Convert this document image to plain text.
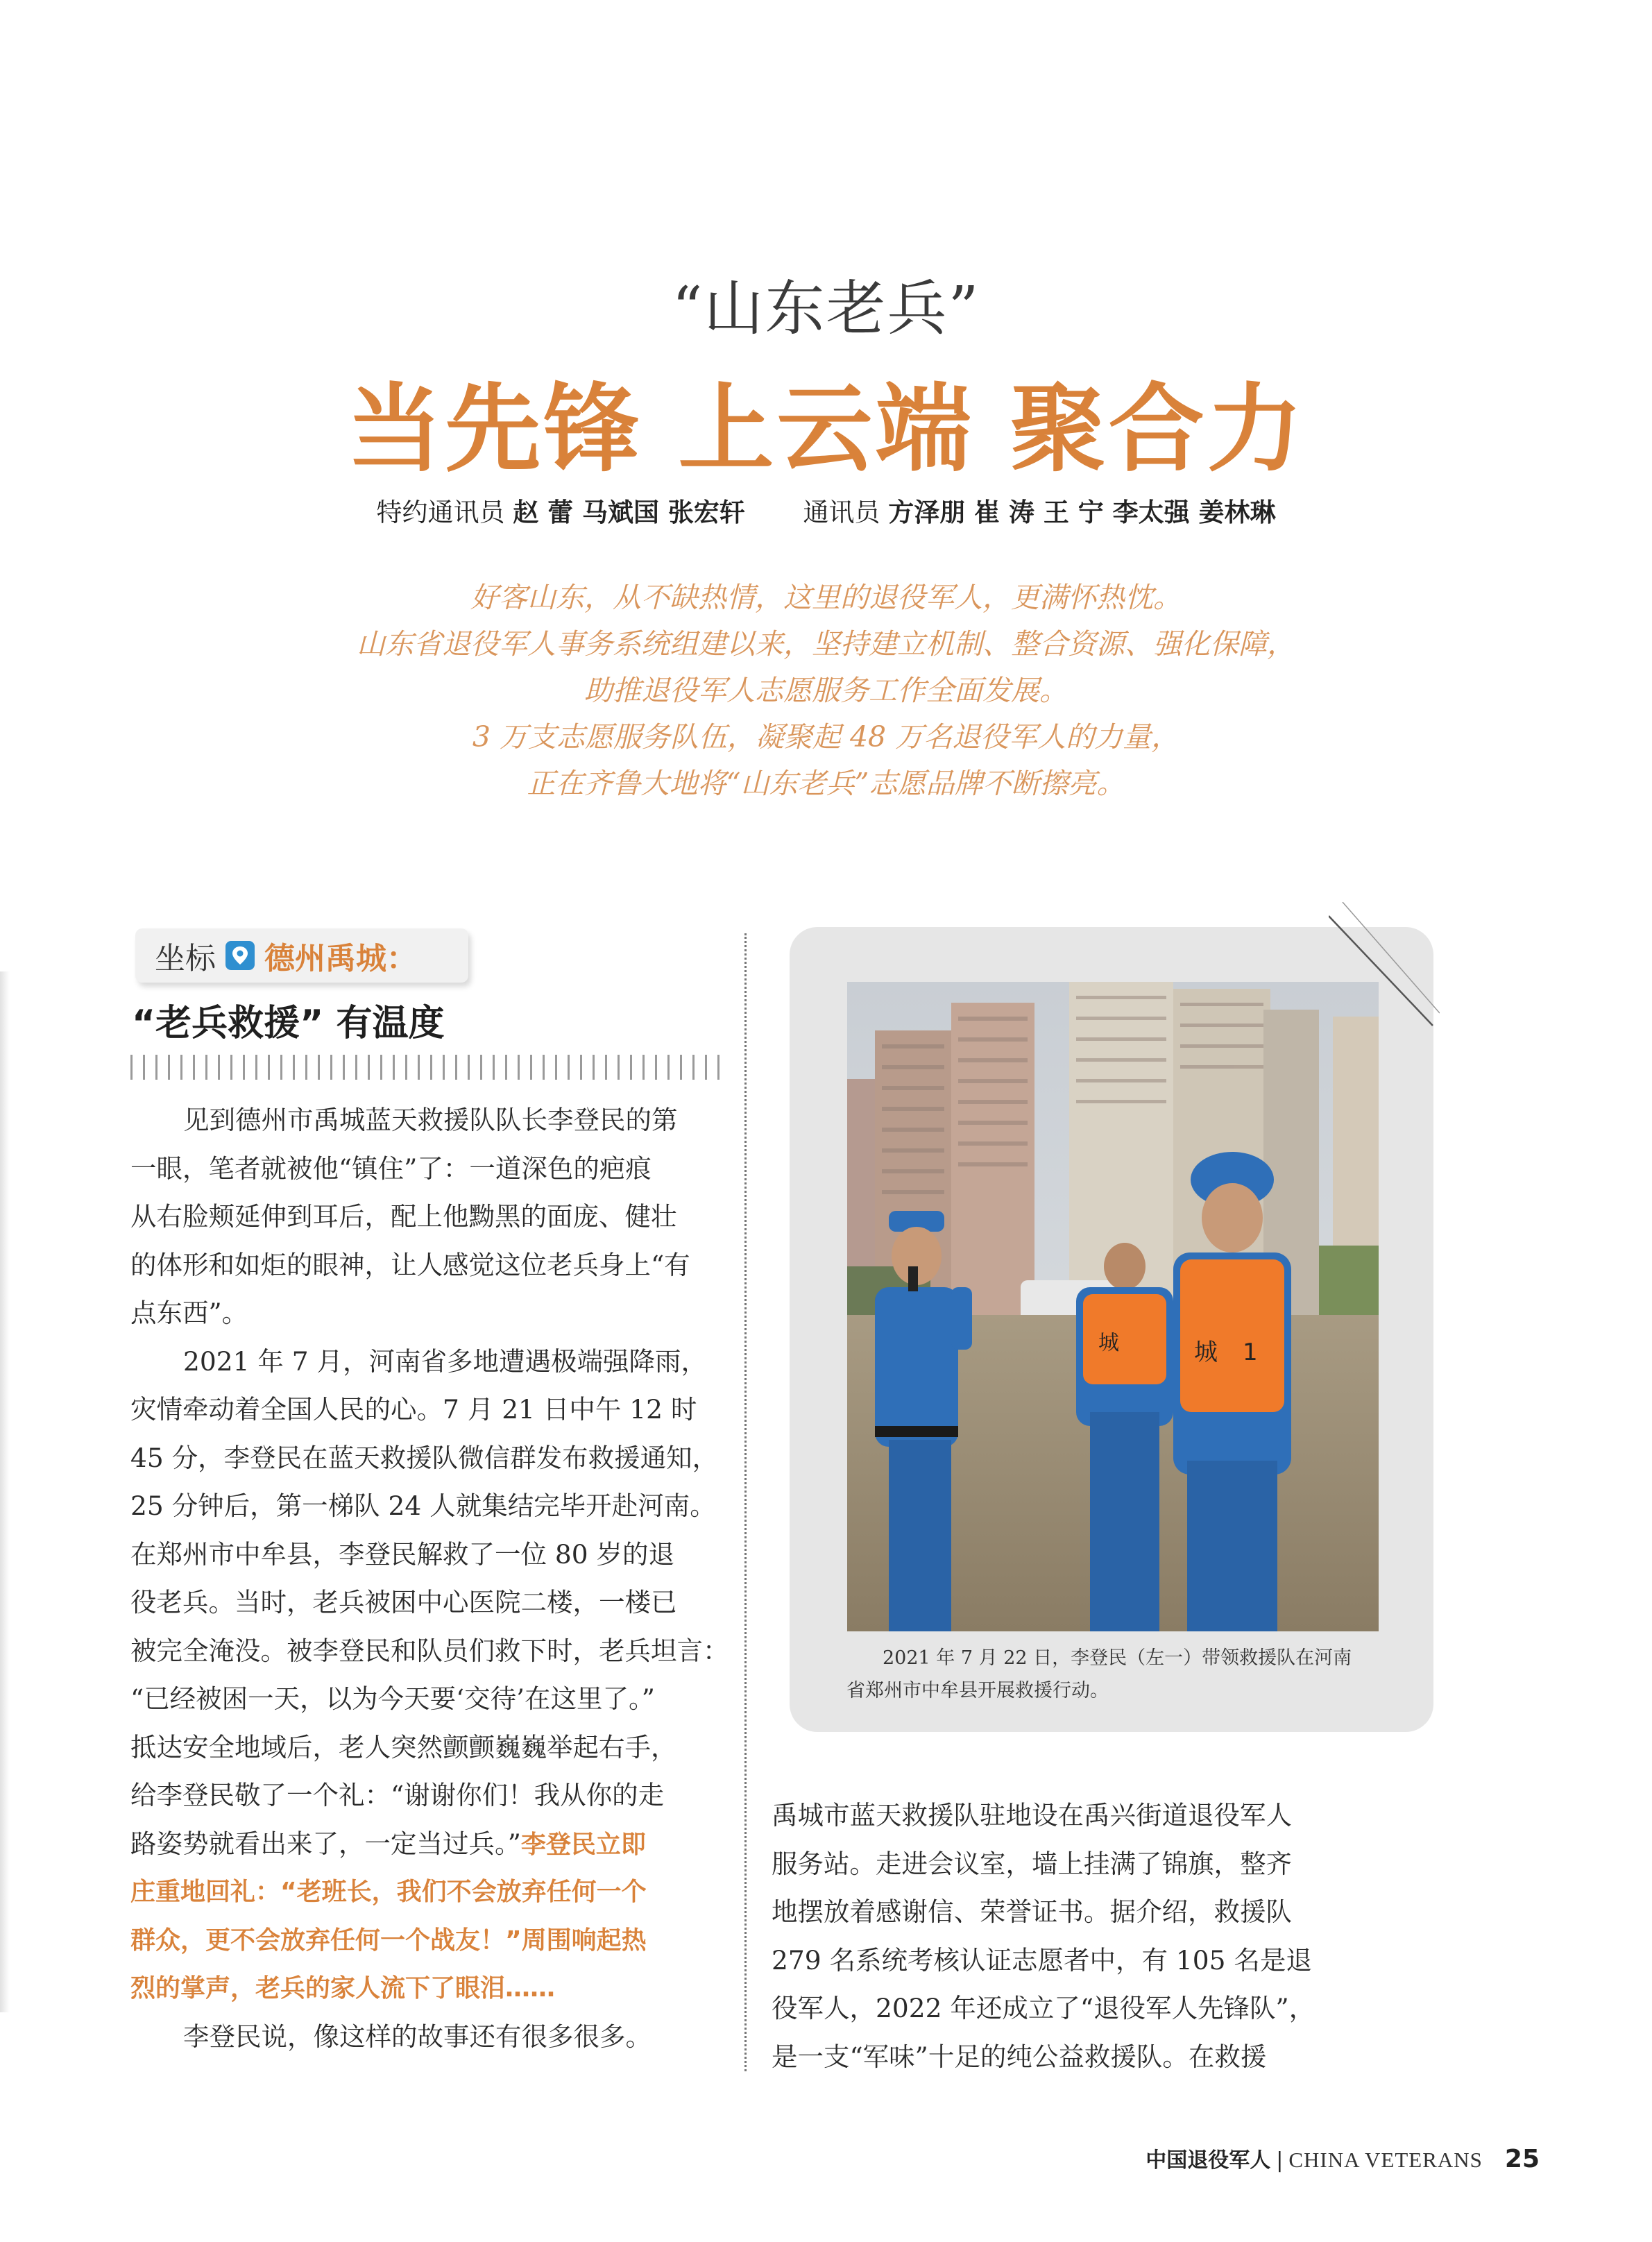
“山东老兵”
当先锋 上云端 聚合力
特约通讯员 赵 蕾 马斌国 张宏轩 通讯员 方泽朋 崔 涛 王 宁 李太强 姜林琳
好客山东，从不缺热情，这里的退役军人，更满怀热忱。
山东省退役军人事务系统组建以来，坚持建立机制、整合资源、强化保障，
助推退役军人志愿服务工作全面发展。
3 万支志愿服务队伍，凝聚起 48 万名退役军人的力量，
正在齐鲁大地将“山东老兵”志愿品牌不断擦亮。
坐标 德州禹城：
“老兵救援” 有温度
见到德州市禹城蓝天救援队队长李登民的第
一眼，笔者就被他“镇住”了：一道深色的疤痕
从右脸颊延伸到耳后，配上他黝黑的面庞、健壮
的体形和如炬的眼神，让人感觉这位老兵身上“有
点东西”。
2021 年 7 月，河南省多地遭遇极端强降雨，
灾情牵动着全国人民的心。7 月 21 日中午 12 时
45 分，李登民在蓝天救援队微信群发布救援通知，
25 分钟后，第一梯队 24 人就集结完毕开赴河南。
在郑州市中牟县，李登民解救了一位 80 岁的退
役老兵。当时，老兵被困中心医院二楼，一楼已
被完全淹没。被李登民和队员们救下时，老兵坦言：
“已经被困一天，以为今天要‘交待’在这里了。”
抵达安全地域后，老人突然颤颤巍巍举起右手，
给李登民敬了一个礼：“谢谢你们！我从你的走
路姿势就看出来了，一定当过兵。”李登民立即
庄重地回礼：“老班长，我们不会放弃任何一个
群众，更不会放弃任何一个战友！”周围响起热
烈的掌声，老兵的家人流下了眼泪……
李登民说，像这样的故事还有很多很多。
城	城 1
2021 年 7 月 22 日，李登民（左一）带领救援队在河南
省郑州市中牟县开展救援行动。
禹城市蓝天救援队驻地设在禹兴街道退役军人
服务站。走进会议室，墙上挂满了锦旗，整齐
地摆放着感谢信、荣誉证书。据介绍，救援队
279 名系统考核认证志愿者中，有 105 名是退
役军人，2022 年还成立了“退役军人先锋队”，
是一支“军味”十足的纯公益救援队。在救援
中国退役军人 | CHINA VETERANS 25
